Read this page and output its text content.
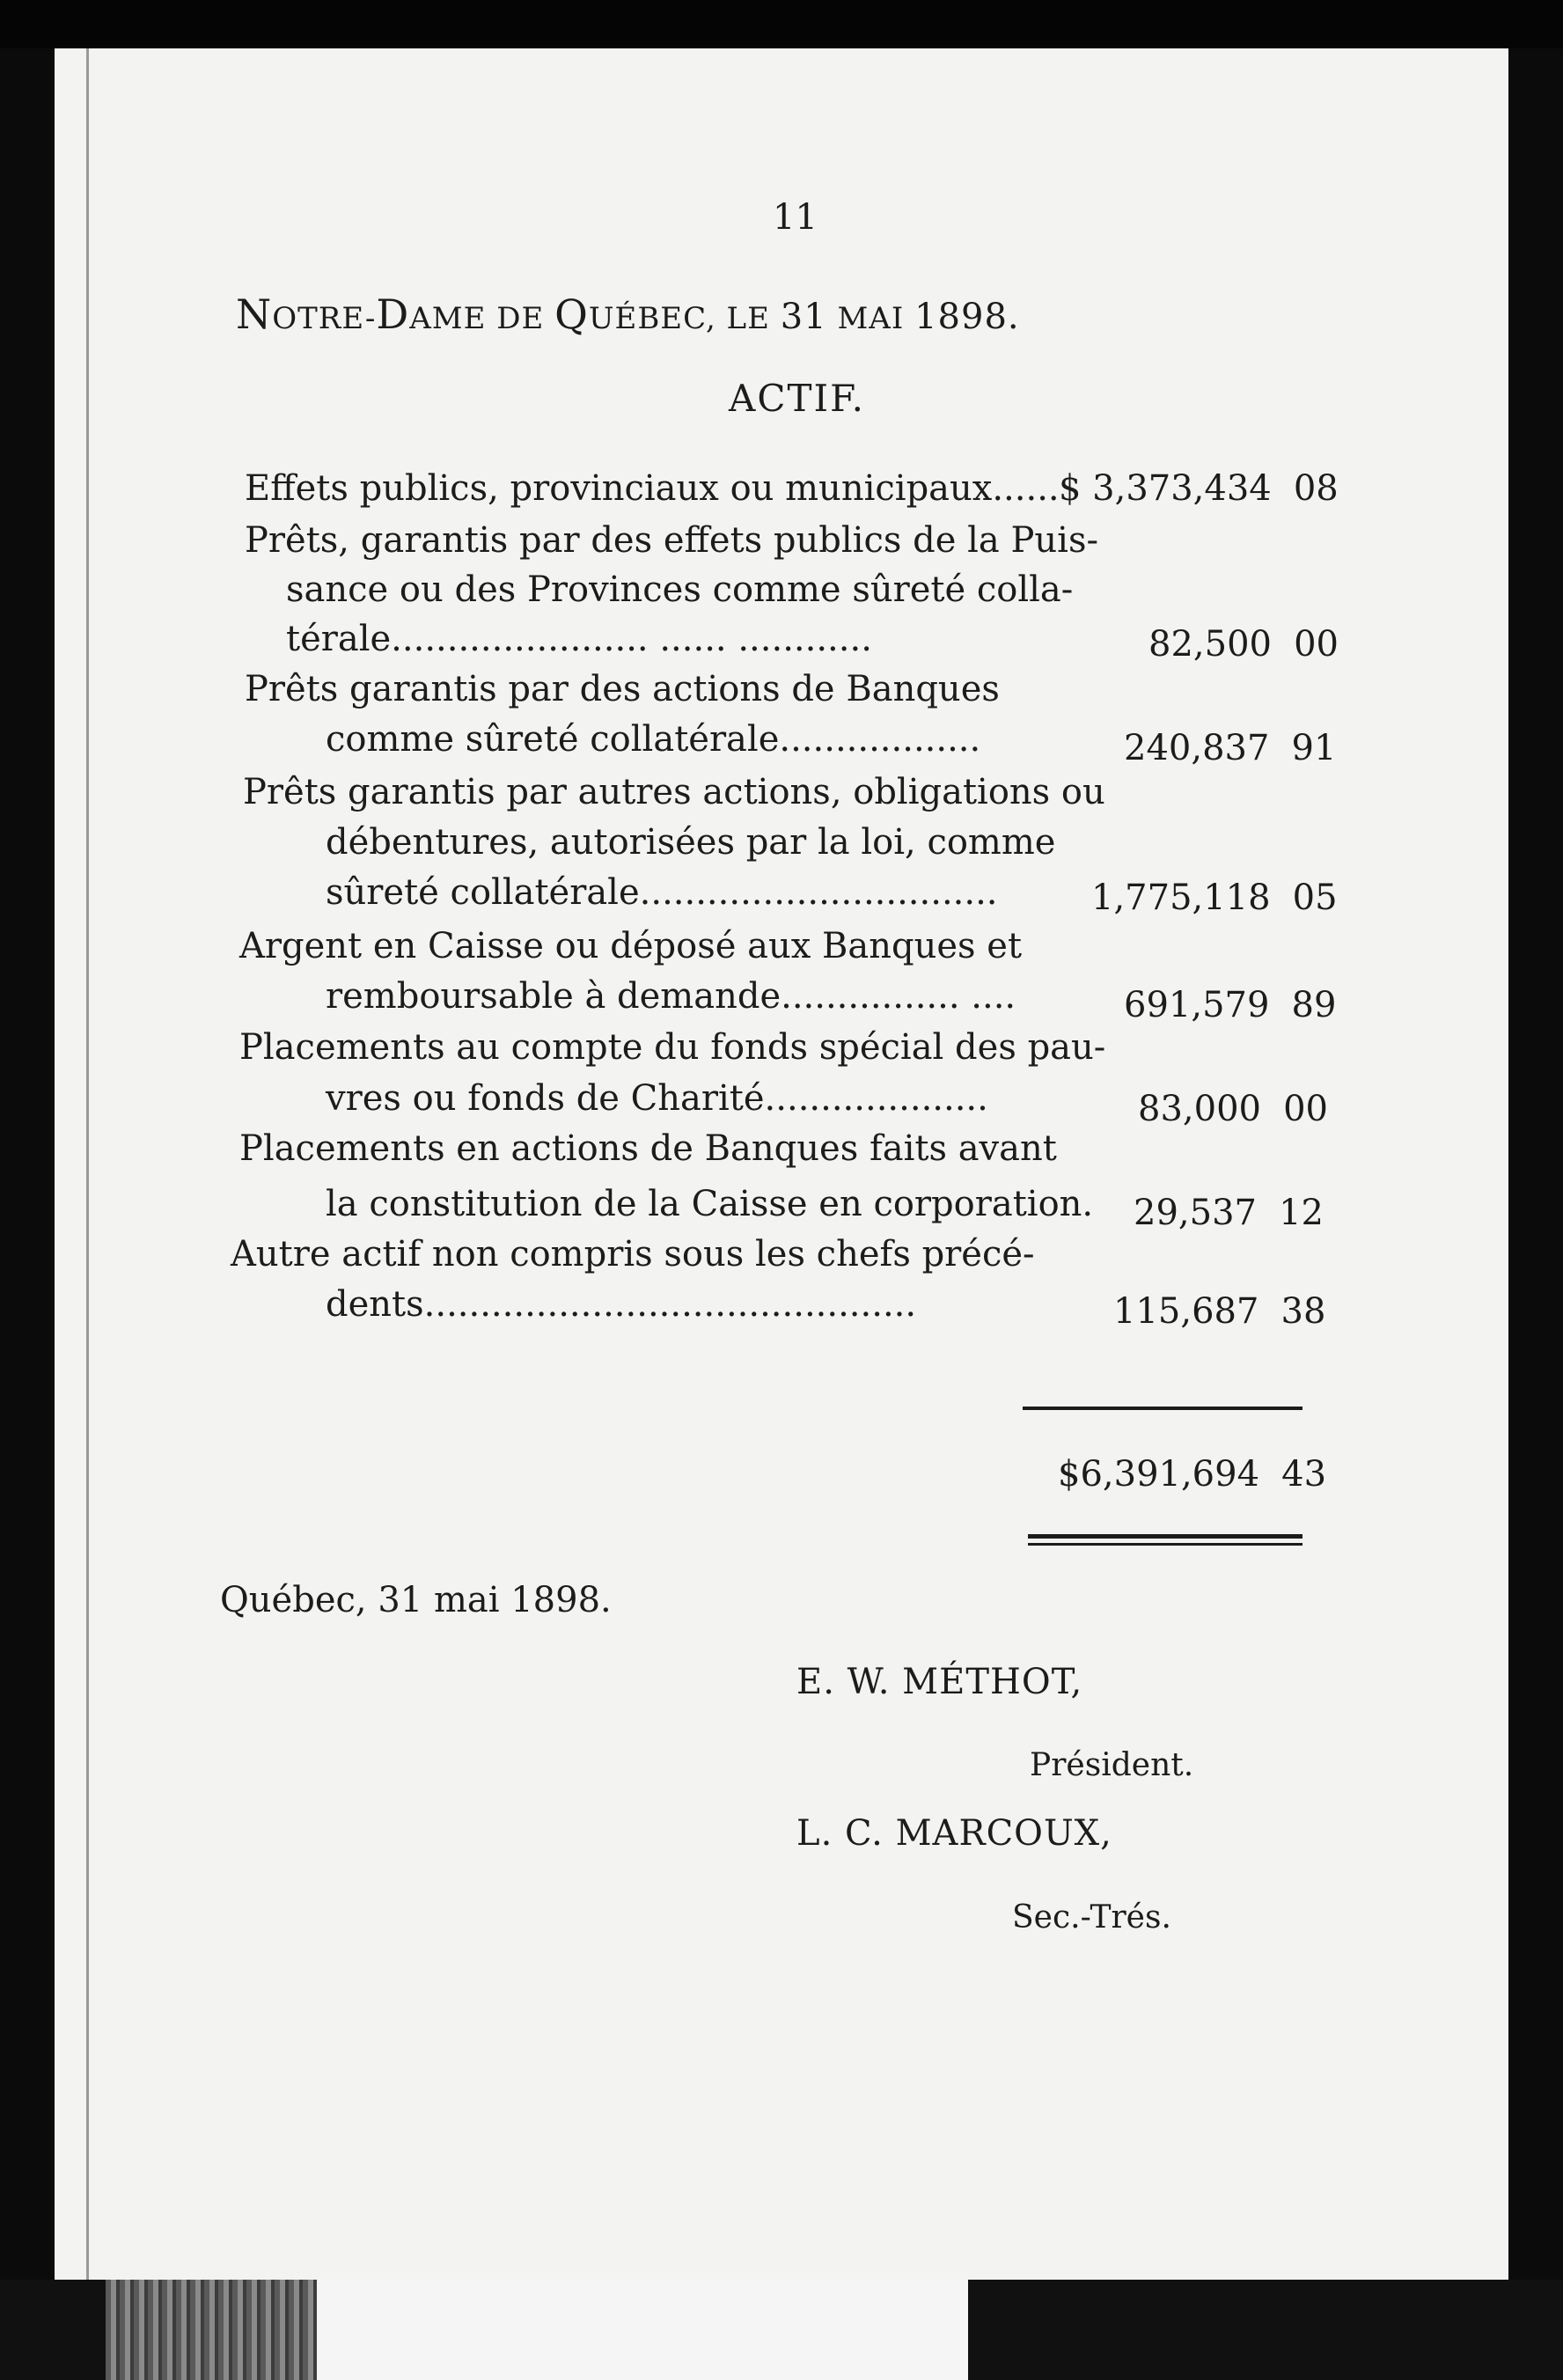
11
NOTRE-DAME DE QUÉBEC, LE 31 MAI 1898.
ACTIF.
Effets publics, provinciaux ou municipaux...... $ 3,373,434 08
Prêts, garantis par des effets publics de la Puis-
sance ou des Provinces comme sûreté colla-
térale....................... ...... ............	82,500 00
Prêts garantis par des actions de Banques
comme sûreté collatérale..................	240,837 91
Prêts garantis par autres actions, obligations ou
débentures, autorisées par la loi, comme
sûreté collatérale................................	1,775,118 05
Argent en Caisse ou déposé aux Banques et
remboursable à demande................ ....	691,579 89
Placements au compte du fonds spécial des pau-
vres ou fonds de Charité....................	83,000 00
Placements en actions de Banques faits avant
la constitution de la Caisse en corporation. 29,537 12
Autre actif non compris sous les chefs précé-
dents............................................	115,687 38
$6,391,694 43
Québec, 31 mai 1898.
E. W. MÉTHOT,
Président.
L. C. MARCOUX,
Sec.-Trés.
